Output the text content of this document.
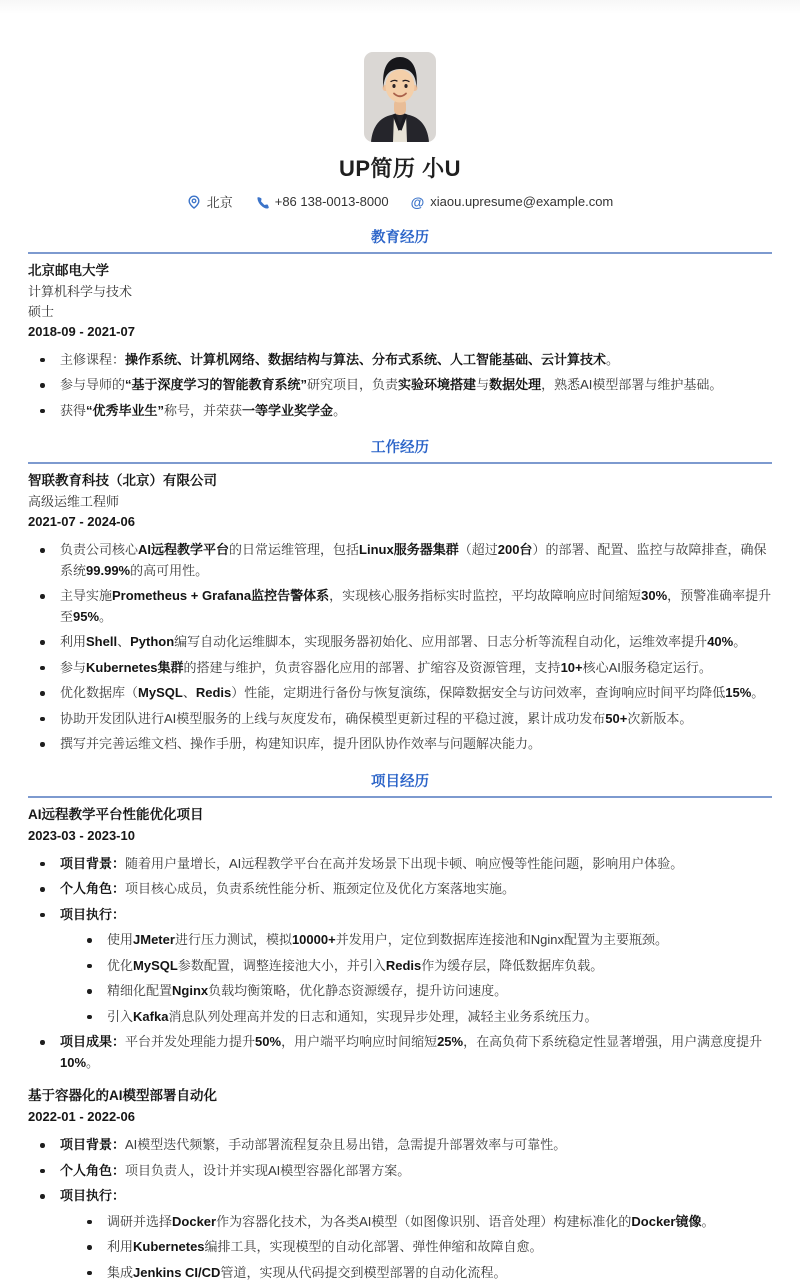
UP简历 小U
北京	+86 138-0013-8000 @ xiaou.upresume@example.com
教育经历
北京邮电大学
计算机科学与技术
硕士
2018-09 - 2021-07
主修课程：操作系统、计算机网络、数据结构与算法、分布式系统、人工智能基础、云计算技术。
参与导师的“基于深度学习的智能教育系统”研究项目，负责实验环境搭建与数据处理，熟悉AI模型部署与维护基础。
获得“优秀毕业生”称号，并荣获一等学业奖学金。
工作经历
智联教育科技（北京）有限公司
高级运维工程师
2021-07 - 2024-06
负责公司核心AI远程教学平台的日常运维管理，包括Linux服务器集群（超过200台）的部署、配置、监控与故障排查，确保系统99.99%的高可用性。
主导实施Prometheus + Grafana监控告警体系，实现核心服务指标实时监控，平均故障响应时间缩短30%，预警准确率提升至95%。
利用Shell、Python编写自动化运维脚本，实现服务器初始化、应用部署、日志分析等流程自动化，运维效率提升40%。
参与Kubernetes集群的搭建与维护，负责容器化应用的部署、扩缩容及资源管理，支持10+核心AI服务稳定运行。
优化数据库（MySQL、Redis）性能，定期进行备份与恢复演练，保障数据安全与访问效率，查询响应时间平均降低15%。
协助开发团队进行AI模型服务的上线与灰度发布，确保模型更新过程的平稳过渡，累计成功发布50+次新版本。
撰写并完善运维文档、操作手册，构建知识库，提升团队协作效率与问题解决能力。
项目经历
AI远程教学平台性能优化项目
2023-03 - 2023-10
项目背景：随着用户量增长，AI远程教学平台在高并发场景下出现卡顿、响应慢等性能问题，影响用户体验。
个人角色：项目核心成员，负责系统性能分析、瓶颈定位及优化方案落地实施。
项目执行：
使用JMeter进行压力测试，模拟10000+并发用户，定位到数据库连接池和Nginx配置为主要瓶颈。
优化MySQL参数配置，调整连接池大小，并引入Redis作为缓存层，降低数据库负载。
精细化配置Nginx负载均衡策略，优化静态资源缓存，提升访问速度。
引入Kafka消息队列处理高并发的日志和通知，实现异步处理，减轻主业务系统压力。
项目成果：平台并发处理能力提升50%，用户端平均响应时间缩短25%，在高负荷下系统稳定性显著增强，用户满意度提升10%。
基于容器化的AI模型部署自动化
2022-01 - 2022-06
项目背景：AI模型迭代频繁，手动部署流程复杂且易出错，急需提升部署效率与可靠性。
个人角色：项目负责人，设计并实现AI模型容器化部署方案。
项目执行：
调研并选择Docker作为容器化技术，为各类AI模型（如图像识别、语音处理）构建标准化的Docker镜像。
利用Kubernetes编排工具，实现模型的自动化部署、弹性伸缩和故障自愈。
集成Jenkins CI/CD管道，实现从代码提交到模型部署的自动化流程。
